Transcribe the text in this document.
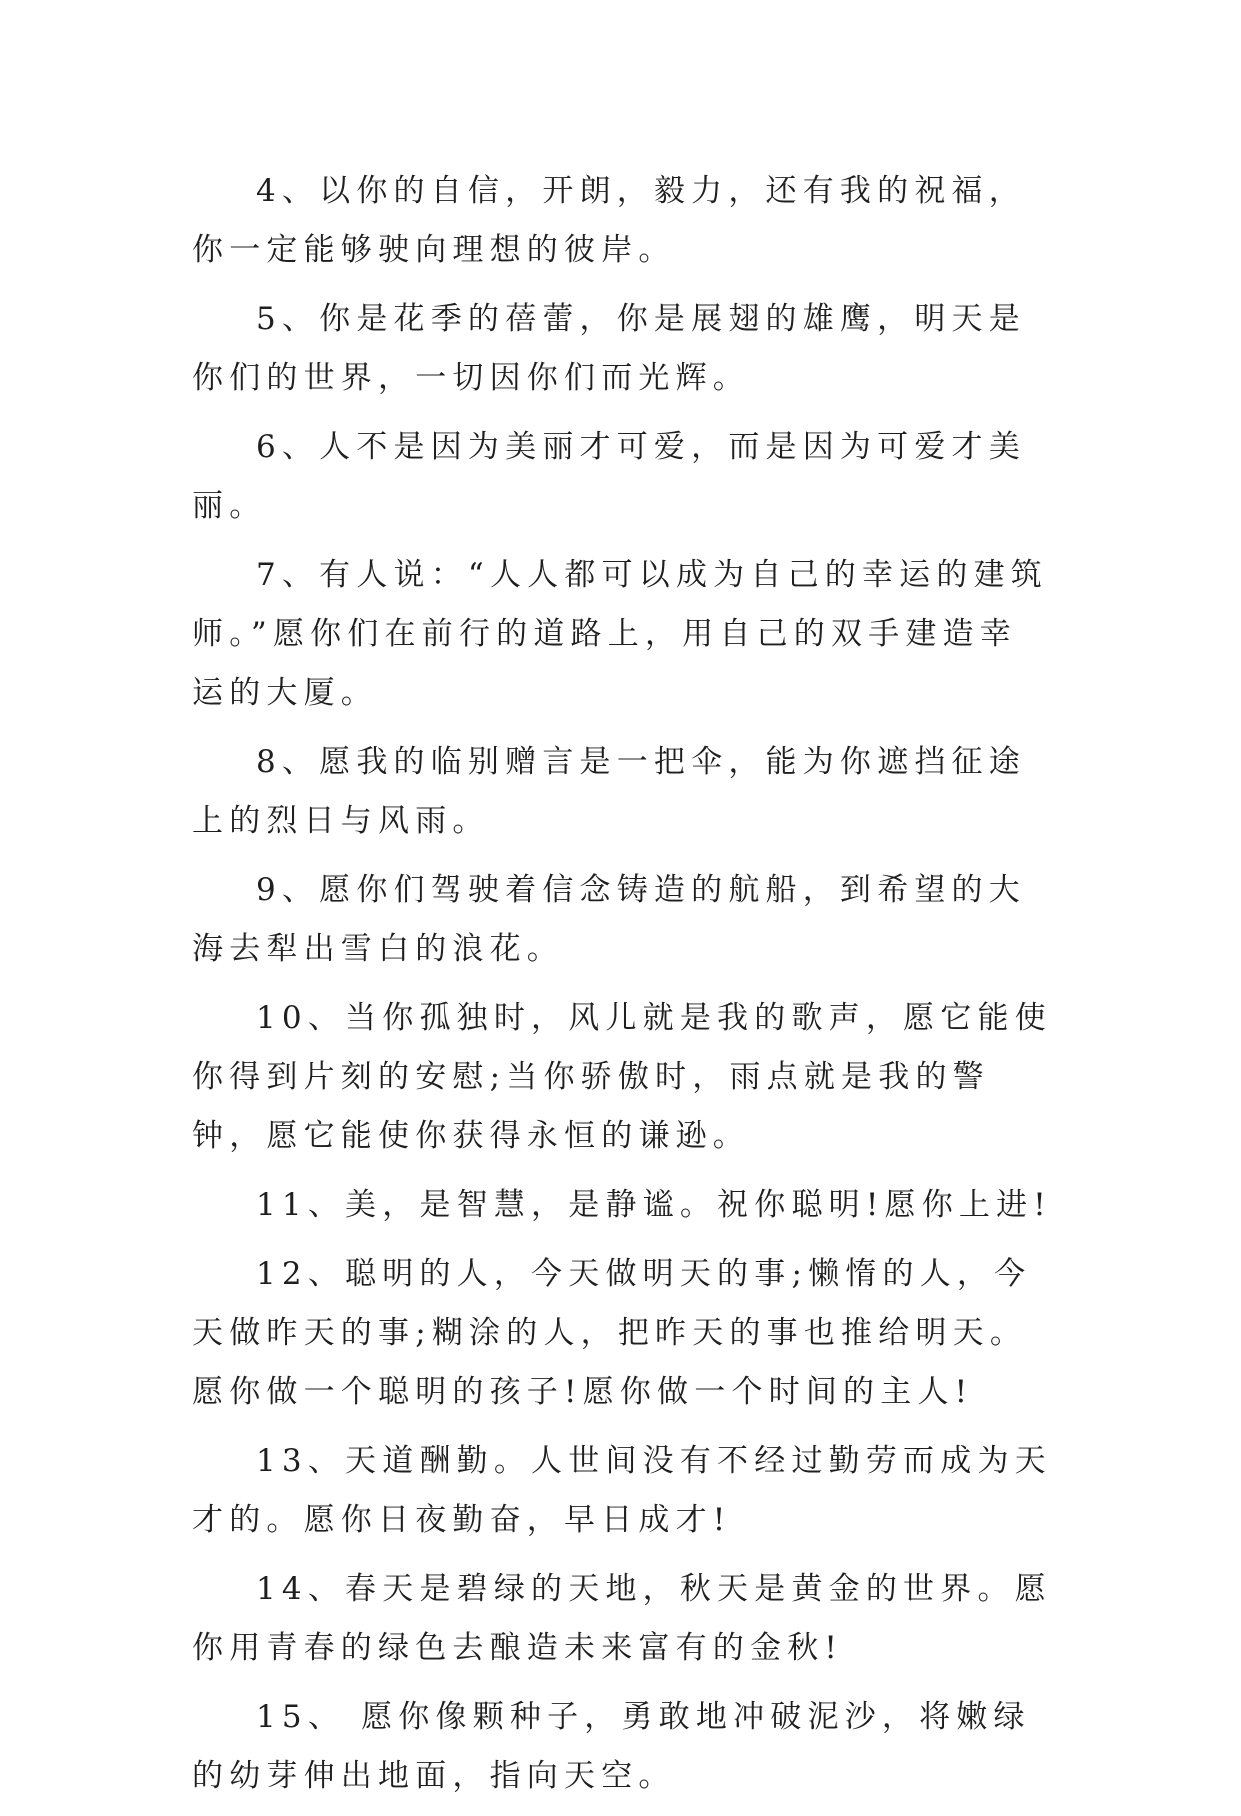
4、以你的自信，开朗，毅力，还有我的祝福，你一定能够驶向理想的彼岸。

5、你是花季的蓓蕾，你是展翅的雄鹰，明天是你们的世界，一切因你们而光辉。

6、人不是因为美丽才可爱，而是因为可爱才美丽。

7、有人说：“人人都可以成为自己的幸运的建筑师。”愿你们在前行的道路上，用自己的双手建造幸运的大厦。

8、愿我的临别赠言是一把伞，能为你遮挡征途上的烈日与风雨。

9、愿你们驾驶着信念铸造的航船，到希望的大海去犁出雪白的浪花。

10、当你孤独时，风儿就是我的歌声，愿它能使你得到片刻的安慰;当你骄傲时，雨点就是我的警钟，愿它能使你获得永恒的谦逊。

11、美，是智慧，是静谧。祝你聪明!愿你上进!

12、聪明的人，今天做明天的事;懒惰的人，今天做昨天的事;糊涂的人，把昨天的事也推给明天。愿你做一个聪明的孩子!愿你做一个时间的主人!

13、天道酬勤。人世间没有不经过勤劳而成为天才的。愿你日夜勤奋，早日成才!

14、春天是碧绿的天地，秋天是黄金的世界。愿你用青春的绿色去酿造未来富有的金秋!

15、 愿你像颗种子，勇敢地冲破泥沙，将嫩绿的幼芽伸出地面，指向天空。
